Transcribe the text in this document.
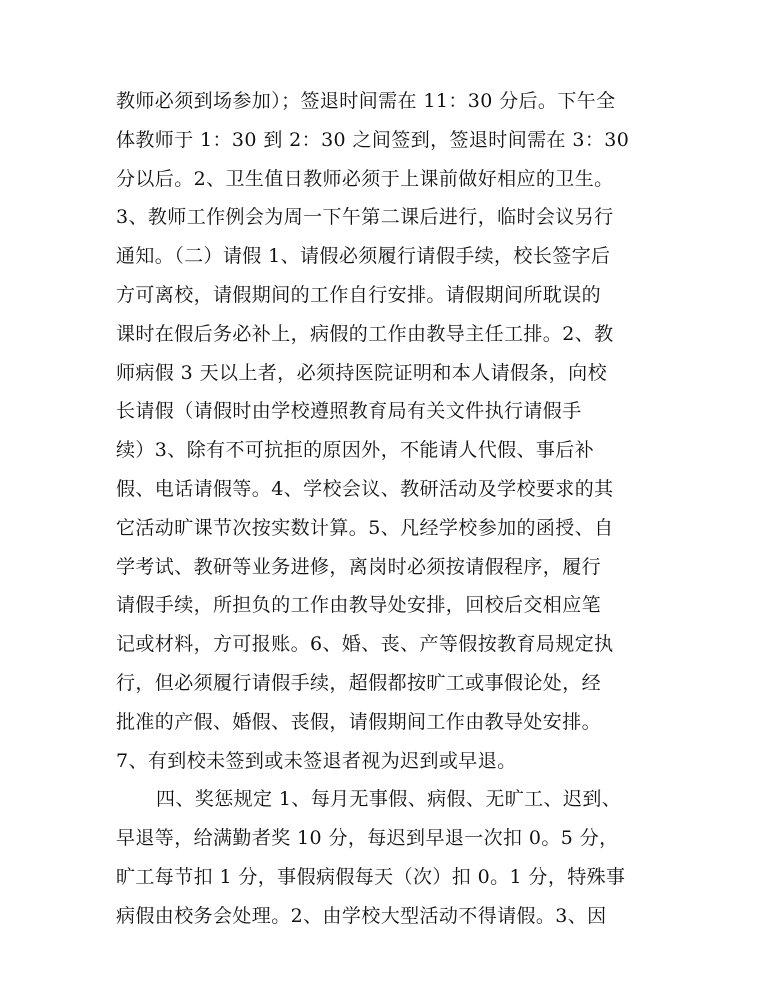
教师必须到场参加）；签退时间需在 11：30 分后。下午全
体教师于 1：30 到 2：30 之间签到，签退时间需在 3：30
分以后。2、卫生值日教师必须于上课前做好相应的卫生。
3、教师工作例会为周一下午第二课后进行，临时会议另行
通知。（二）请假 1、请假必须履行请假手续，校长签字后
方可离校，请假期间的工作自行安排。请假期间所耽误的
课时在假后务必补上，病假的工作由教导主任工排。2、教
师病假 3 天以上者，必须持医院证明和本人请假条，向校
长请假（请假时由学校遵照教育局有关文件执行请假手
续）3、除有不可抗拒的原因外，不能请人代假、事后补
假、电话请假等。4、学校会议、教研活动及学校要求的其
它活动旷课节次按实数计算。5、凡经学校参加的函授、自
学考试、教研等业务进修，离岗时必须按请假程序，履行
请假手续，所担负的工作由教导处安排，回校后交相应笔
记或材料，方可报账。6、婚、丧、产等假按教育局规定执
行，但必须履行请假手续，超假都按旷工或事假论处，经
批准的产假、婚假、丧假，请假期间工作由教导处安排。
7、有到校未签到或未签退者视为迟到或早退。
四、奖惩规定 1、每月无事假、病假、无旷工、迟到、
早退等，给满勤者奖 10 分，每迟到早退一次扣 0。5 分，
旷工每节扣 1 分，事假病假每天（次）扣 0。1 分，特殊事
病假由校务会处理。2、由学校大型活动不得请假。3、因
